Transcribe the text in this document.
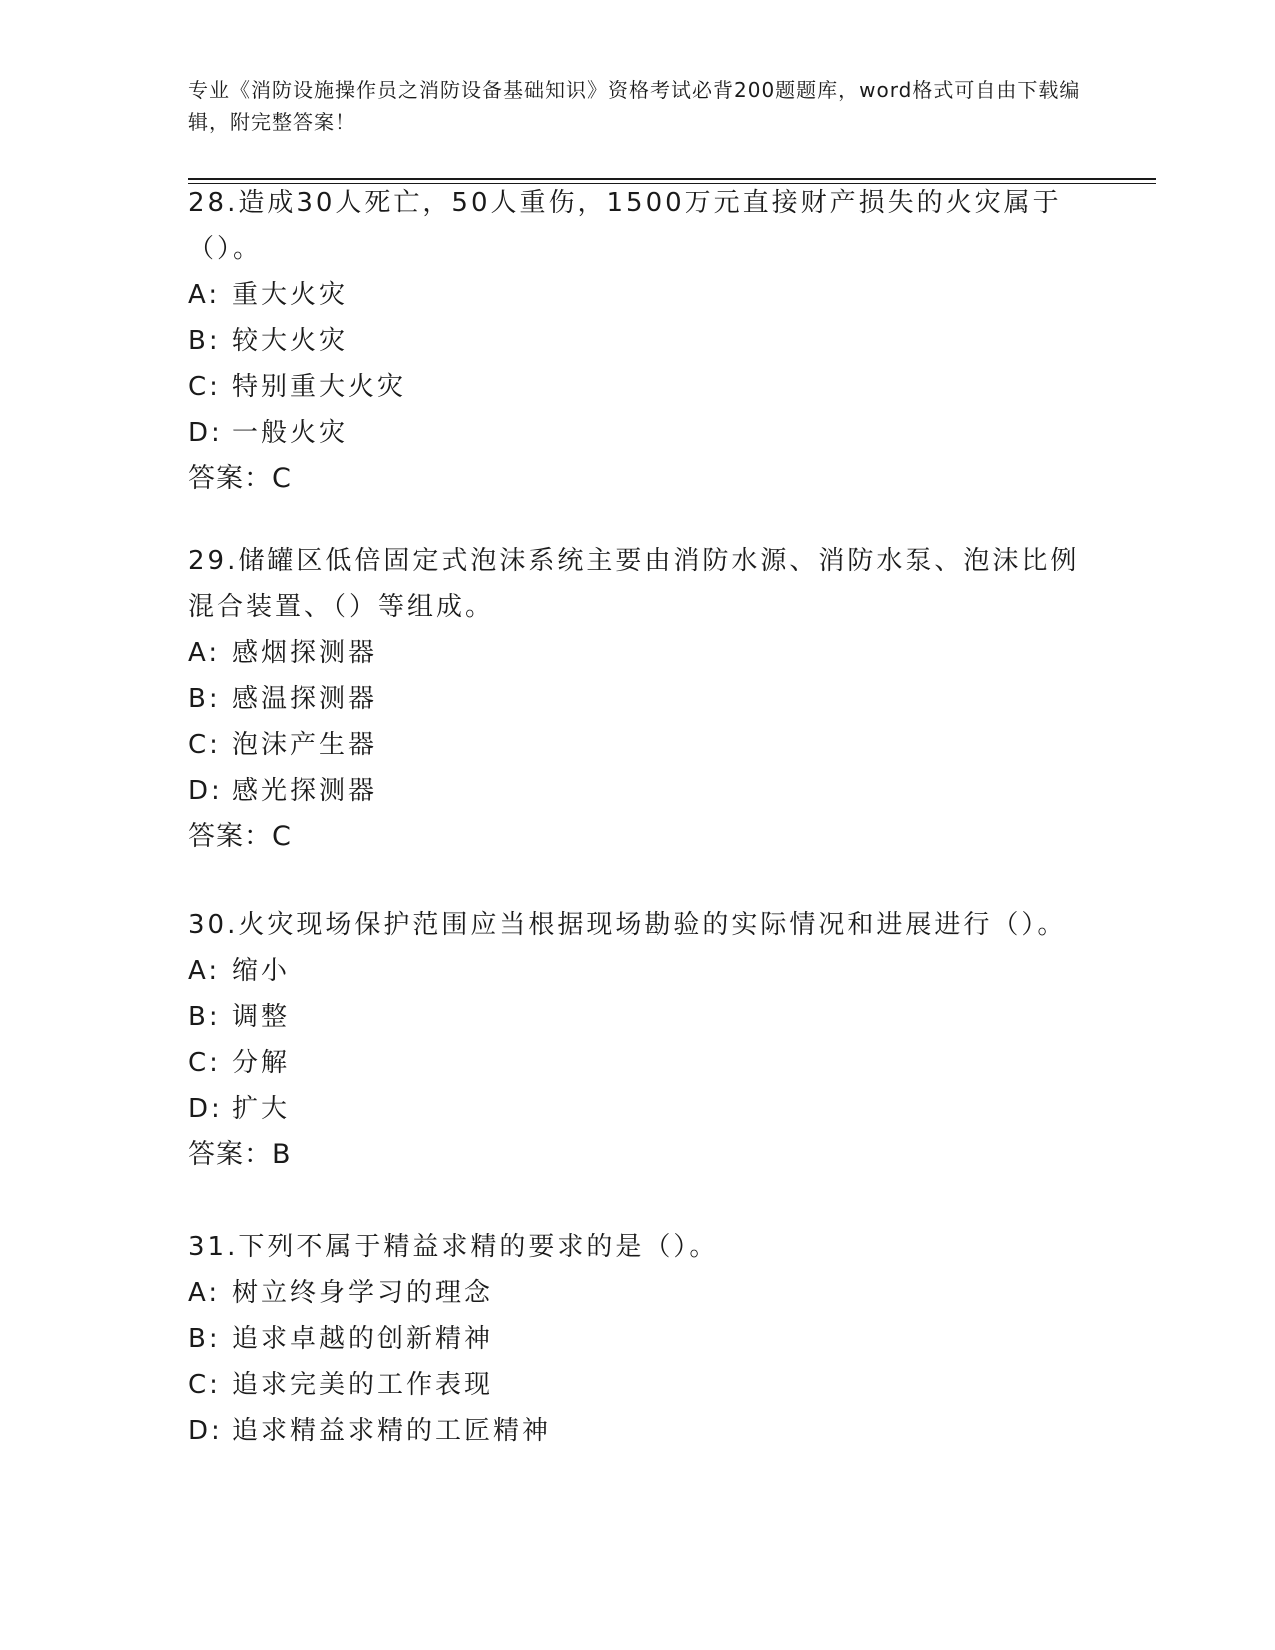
专业《消防设施操作员之消防设备基础知识》资格考试必背200题题库，word格式可自由下载编辑，附完整答案！

28.造成30人死亡，50人重伤，1500万元直接财产损失的火灾属于（）。

A: 重大火灾

B: 较大火灾

C: 特别重大火灾

D: 一般火灾

答案：C

29.储罐区低倍固定式泡沫系统主要由消防水源、消防水泵、泡沫比例混合装置、（）等组成。

A: 感烟探测器

B: 感温探测器

C: 泡沫产生器

D: 感光探测器

答案：C

30.火灾现场保护范围应当根据现场勘验的实际情况和进展进行（）。

A: 缩小

B: 调整

C: 分解

D: 扩大

答案：B

31.下列不属于精益求精的要求的是（）。

A: 树立终身学习的理念

B: 追求卓越的创新精神

C: 追求完美的工作表现

D: 追求精益求精的工匠精神
